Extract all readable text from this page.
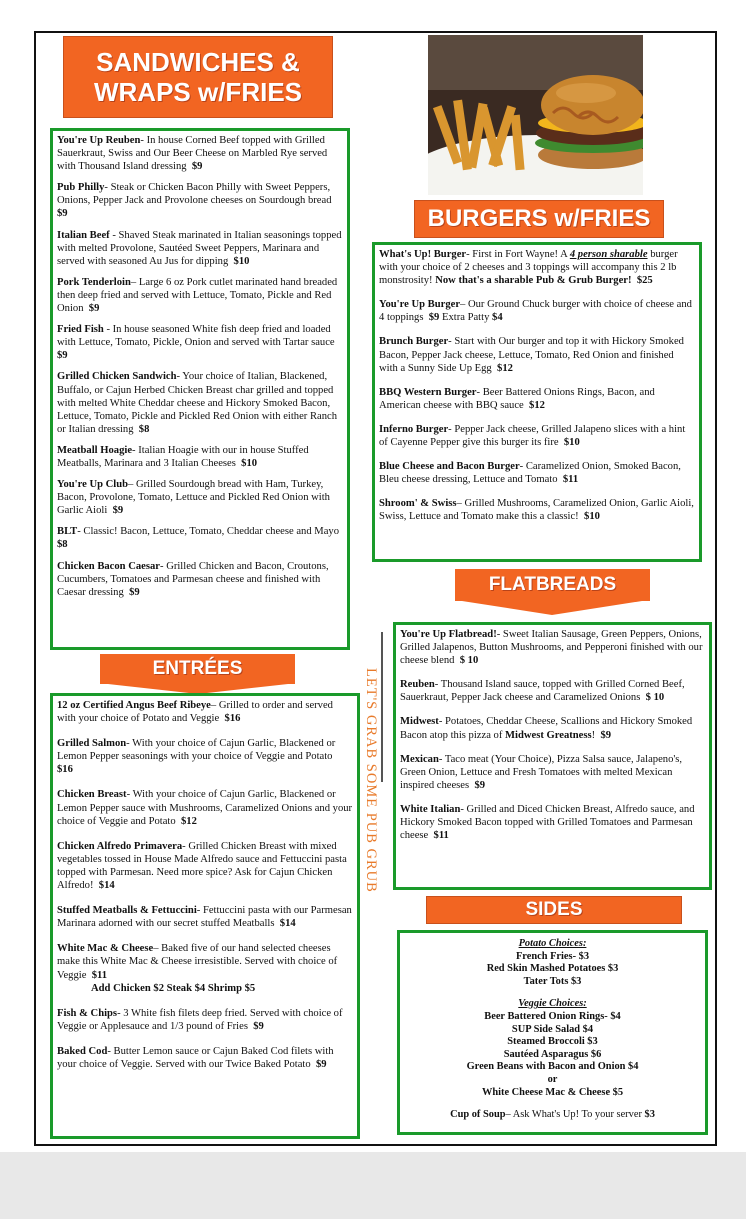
SANDWICHES & WRAPS w/FRIES
BURGERS w/FRIES
You're Up Reuben- In house Corned Beef topped with Grilled Sauerkraut, Swiss and Our Beer Cheese on Marbled Rye served with Thousand Island dressing $9
Pub Philly- Steak or Chicken Bacon Philly with Sweet Peppers, Onions, Pepper Jack and Provolone cheeses on Sourdough bread  $9
Italian Beef - Shaved Steak marinated in Italian seasonings topped with melted Provolone, Sautéed Sweet Peppers, Marinara and served with seasoned Au Jus for dipping $10
Pork Tenderloin– Large 6 oz Pork cutlet marinated hand breaded then deep fried and served with Lettuce, Tomato, Pickle and Red Onion $9
Fried Fish - In house seasoned White fish deep fried and loaded with Lettuce, Tomato, Pickle, Onion and served with Tartar sauce  $9
Grilled Chicken Sandwich- Your choice of Italian, Blackened, Buffalo, or Cajun Herbed Chicken Breast char grilled and topped with melted White Cheddar cheese and Hickory Smoked Bacon, Lettuce, Tomato, Pickle and Pickled Red Onion with either Ranch or Italian dressing $8
Meatball Hoagie- Italian Hoagie with our in house Stuffed Meatballs, Marinara and 3 Italian Cheeses $10
You're Up Club– Grilled Sourdough bread with Ham, Turkey, Bacon, Provolone, Tomato, Lettuce and Pickled Red Onion with Garlic Aioli $9
BLT- Classic! Bacon, Lettuce, Tomato, Cheddar cheese and Mayo  $8
Chicken Bacon Caesar- Grilled Chicken and Bacon, Croutons, Cucumbers, Tomatoes and Parmesan cheese and finished with Caesar dressing $9
What's Up! Burger- First in Fort Wayne! A 4 person sharable burger with your choice of 2 cheeses and 3 toppings will accompany this 2 lb monstrosity! Now that's a sharable Pub & Grub Burger! $25
You're Up Burger– Our Ground Chuck burger with choice of cheese and 4 toppings $9 Extra Patty $4
Brunch Burger- Start with Our burger and top it with Hickory Smoked Bacon, Pepper Jack cheese, Lettuce, Tomato, Red Onion and finished with a Sunny Side Up Egg $12
BBQ Western Burger- Beer Battered Onions Rings, Bacon, and American cheese with BBQ sauce $12
Inferno Burger- Pepper Jack cheese, Grilled Jalapeno slices with a hint of Cayenne Pepper give this burger its fire $10
Blue Cheese and Bacon Burger- Caramelized Onion, Smoked Bacon, Bleu cheese dressing, Lettuce and Tomato $11
Shroom' & Swiss– Grilled Mushrooms, Caramelized Onion, Garlic Aioli, Swiss, Lettuce and Tomato make this a classic! $10
FLATBREADS
You're Up Flatbread!- Sweet Italian Sausage, Green Peppers, Onions, Grilled Jalapenos, Button Mushrooms, and Pepperoni finished with our cheese blend $ 10
Reuben- Thousand Island sauce, topped with Grilled Corned Beef, Sauerkraut, Pepper Jack cheese and Caramelized Onions $ 10
Midwest- Potatoes, Cheddar Cheese, Scallions and Hickory Smoked Bacon atop this pizza of Midwest Greatness! $9
Mexican- Taco meat (Your Choice), Pizza Salsa sauce, Jalapeno's, Green Onion, Lettuce and Fresh Tomatoes with melted Mexican inspired cheeses $9
White Italian- Grilled and Diced Chicken Breast, Alfredo sauce, and Hickory Smoked Bacon topped with Grilled Tomatoes and Parmesan cheese $11
ENTRÉES
12 oz Certified Angus Beef Ribeye– Grilled to order and served with your choice of Potato and Veggie $16
Grilled Salmon- With your choice of Cajun Garlic, Blackened or Lemon Pepper seasonings with your choice of Veggie and Potato  $16
Chicken Breast- With your choice of Cajun Garlic, Blackened or Lemon Pepper sauce with Mushrooms, Caramelized Onions and your choice of Veggie and Potato $12
Chicken Alfredo Primavera- Grilled Chicken Breast with mixed vegetables tossed in House Made Alfredo sauce and Fettuccini pasta topped with Parmesan. Need more spice? Ask for Cajun Chicken Alfredo! $14
Stuffed Meatballs & Fettuccini- Fettuccini pasta with our Parmesan Marinara adorned with our secret stuffed Meatballs $14
White Mac & Cheese– Baked five of our hand selected cheeses make this White Mac & Cheese irresistible. Served with choice of Veggie $11
Add Chicken $2 Steak $4 Shrimp $5
Fish & Chips- 3 White fish filets deep fried. Served with choice of Veggie or Applesauce and 1/3 pound of Fries $9
Baked Cod- Butter Lemon sauce or Cajun Baked Cod filets with your choice of Veggie. Served with our Twice Baked Potato $9
LET'S GRAB SOME PUB GRUB
SIDES
Potato Choices:
French Fries- $3
Red Skin Mashed Potatoes $3
Tater Tots $3
Veggie Choices:
Beer Battered Onion Rings- $4
SUP Side Salad $4
Steamed Broccoli $3
Sautéed Asparagus $6
Green Beans with Bacon and Onion $4
or
White Cheese Mac & Cheese $5
Cup of Soup– Ask What's Up! To your server $3
